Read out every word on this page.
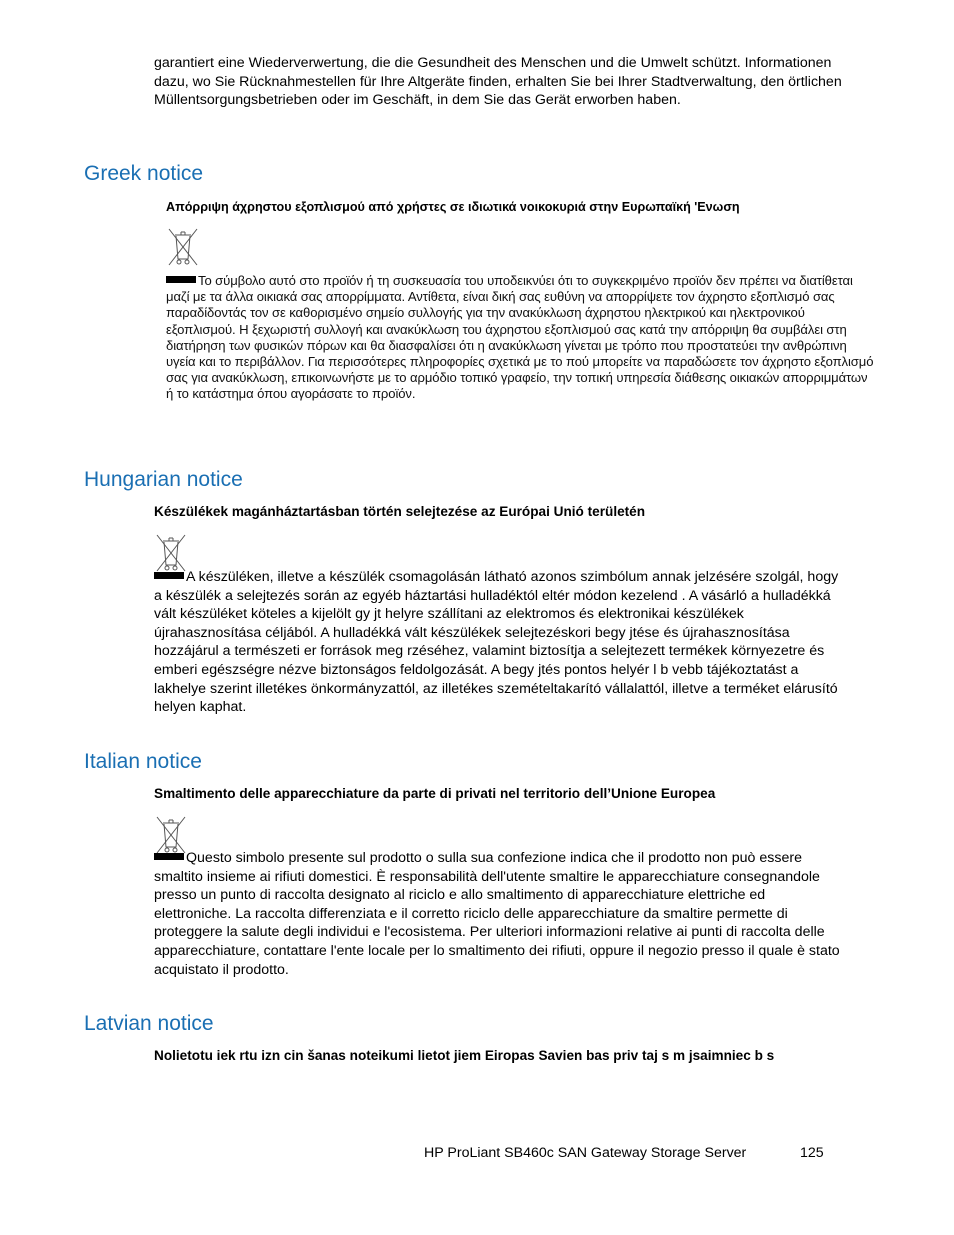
garantiert eine Wiederverwertung, die die Gesundheit des Menschen und die Umwelt schützt. Informationen dazu, wo Sie Rücknahmestellen für Ihre Altgeräte finden, erhalten Sie bei Ihrer Stadtverwaltung, den örtlichen Müllentsorgungsbetrieben oder im Geschäft, in dem Sie das Gerät erworben haben.

Greek notice
Απόρριψη άχρηστου εξοπλισμού από χρήστες σε ιδιωτικά νοικοκυριά στην Ευρωπαϊκή 'Ενωση

Το σύμβολο αυτό στο προϊόν ή τη συσκευασία του υποδεικνύει ότι το συγκεκριμένο προϊόν δεν πρέπει να διατίθεται μαζί με τα άλλα οικιακά σας απορρίμματα. Αντίθετα, είναι δική σας ευθύνη να απορρίψετε τον άχρηστο εξοπλισμό σας παραδίδοντάς τον σε καθορισμένο σημείο συλλογής για την ανακύκλωση άχρηστου ηλεκτρικού και ηλεκτρονικού εξοπλισμού. Η ξεχωριστή συλλογή και ανακύκλωση του άχρηστου εξοπλισμού σας κατά την απόρριψη θα συμβάλει στη διατήρηση των φυσικών πόρων και θα διασφαλίσει ότι η ανακύκλωση γίνεται με τρόπο που προστατεύει την ανθρώπινη υγεία και το περιβάλλον. Για περισσότερες πληροφορίες σχετικά με το πού μπορείτε να παραδώσετε τον άχρηστο εξοπλισμό σας για ανακύκλωση, επικοινωνήστε με το αρμόδιο τοπικό γραφείο, την τοπική υπηρεσία διάθεσης οικιακών απορριμμάτων ή το κατάστημα όπου αγοράσατε το προϊόν.

Hungarian notice
Készülékek magánháztartásban történ selejtezése az Európai Unió területén

A készüléken, illetve a készülék csomagolásán látható azonos szimbólum annak jelzésére szolgál, hogy a készülék a selejtezés során az egyéb háztartási hulladéktól eltér módon kezelend . A vásárló a hulladékká vált készüléket köteles a kijelölt gy jt helyre szállítani az elektromos és elektronikai készülékek újrahasznosítása céljából. A hulladékká vált készülékek selejtezéskori begy jtése és újrahasznosítása hozzájárul a természeti er források meg rzéséhez, valamint biztosítja a selejtezett termékek környezetre és emberi egészségre nézve biztonságos feldolgozását. A begy jtés pontos helyér l b vebb tájékoztatást a lakhelye szerint illetékes önkormányzattól, az illetékes szemételtakarító vállalattól, illetve a terméket elárusító helyen kaphat.

Italian notice
Smaltimento delle apparecchiature da parte di privati nel territorio dell’Unione Europea

Questo simbolo presente sul prodotto o sulla sua confezione indica che il prodotto non può essere smaltito insieme ai rifiuti domestici. È responsabilità dell'utente smaltire le apparecchiature consegnandole presso un punto di raccolta designato al riciclo e allo smaltimento di apparecchiature elettriche ed elettroniche. La raccolta differenziata e il corretto riciclo delle apparecchiature da smaltire permette di proteggere la salute degli individui e l'ecosistema. Per ulteriori informazioni relative ai punti di raccolta delle apparecchiature, contattare l'ente locale per lo smaltimento dei rifiuti, oppure il negozio presso il quale è stato acquistato il prodotto.

Latvian notice
Nolietotu iek rtu izn cin šanas noteikumi lietot jiem Eiropas Savien bas priv taj s m jsaimniec b s
HP ProLiant SB460c SAN Gateway Storage Server	125
